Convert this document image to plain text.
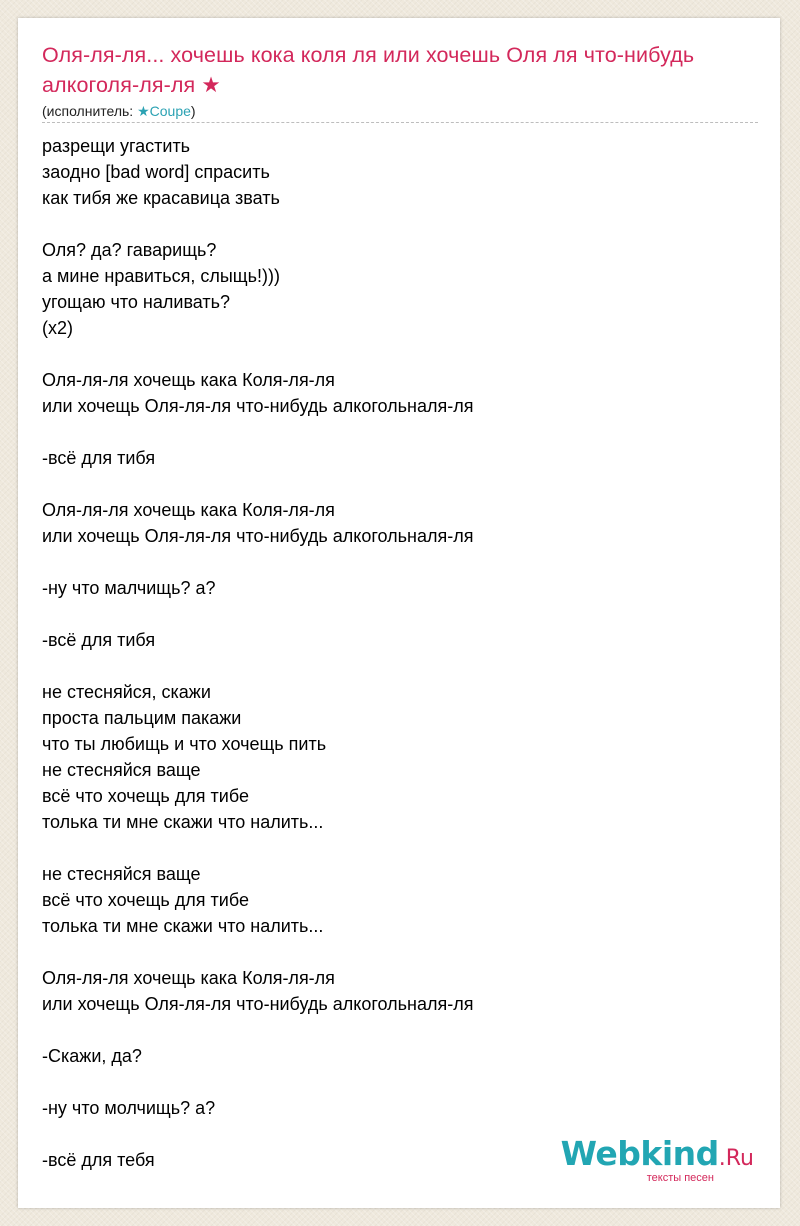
Оля-ля-ля... хочешь кока коля ля или хочешь Оля ля что-нибудь алкоголя-ля-ля ★
(исполнитель: ★Coupe)
разрещи угастить
заодно [bad word] спрасить
как тибя же красавица звать

Оля? да? гаварищь?
а мине нравиться, слыщь!)))
угощаю что наливать?
(x2)

Оля-ля-ля хочещь кака Коля-ля-ля
или хочещь Оля-ля-ля что-нибудь алкогольналя-ля

-всё для тибя

Оля-ля-ля хочещь кака Коля-ля-ля
или хочещь Оля-ля-ля что-нибудь алкогольналя-ля

-ну что малчищь? а?

-всё для тибя

не стесняйся, скажи
проста пальцим пакажи
что ты любищь и что хочещь пить
не стесняйся ваще
всё что хочещь для тибе
толька ти мне скажи что налить...

не стесняйся ваще
всё что хочещь для тибе
толька ти мне скажи что налить...

Оля-ля-ля хочещь кака Коля-ля-ля
или хочещь Оля-ля-ля что-нибудь алкогольналя-ля

-Скажи, да?

-ну что молчищь? а?

-всё для тебя	Webkind.Ru
тексты песен
